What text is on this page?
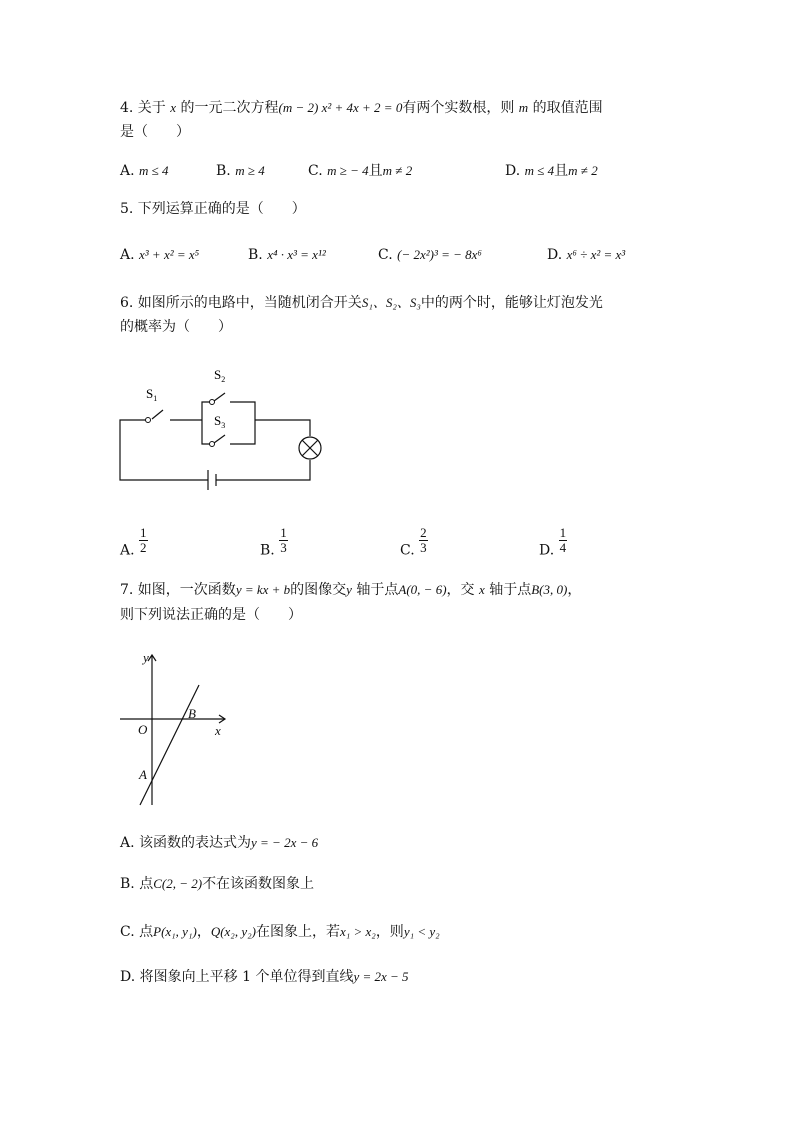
4. 关于 x 的一元二次方程(m − 2) x² + 4x + 2 = 0有两个实数根，则 m 的取值范围
是（　　）
A. m ≤ 4	B. m ≥ 4	C. m ≥ − 4且m ≠ 2	D. m ≤ 4且m ≠ 2
5. 下列运算正确的是（　　）
A. x³ + x² = x⁵	B. x⁴ · x³ = x¹²	C. (− 2x²)³ = − 8x⁶	D. x⁶ ÷ x² = x³
6. 如图所示的电路中，当随机闭合开关S₁、S₂、S₃中的两个时，能够让灯泡发光
的概率为（　　）
$S_1$
$S_2$
$S_3$
A. $\frac{1}{2}$	B. $\frac{1}{3}$	C. $\frac{2}{3}$	D. $\frac{1}{4}$
7. 如图，一次函数y = kx + b的图像交y 轴于点A(0, − 6)，交 x 轴于点B(3, 0)，
则下列说法正确的是（　　）
y
x
O
A
B
A. 该函数的表达式为y = − 2x − 6
B. 点C(2, − 2)不在该函数图象上
C. 点P(x₁, y₁)，Q(x₂, y₂)在图象上，若x₁ > x₂，则y₁ < y₂
D. 将图象向上平移 1 个单位得到直线y = 2x − 5
